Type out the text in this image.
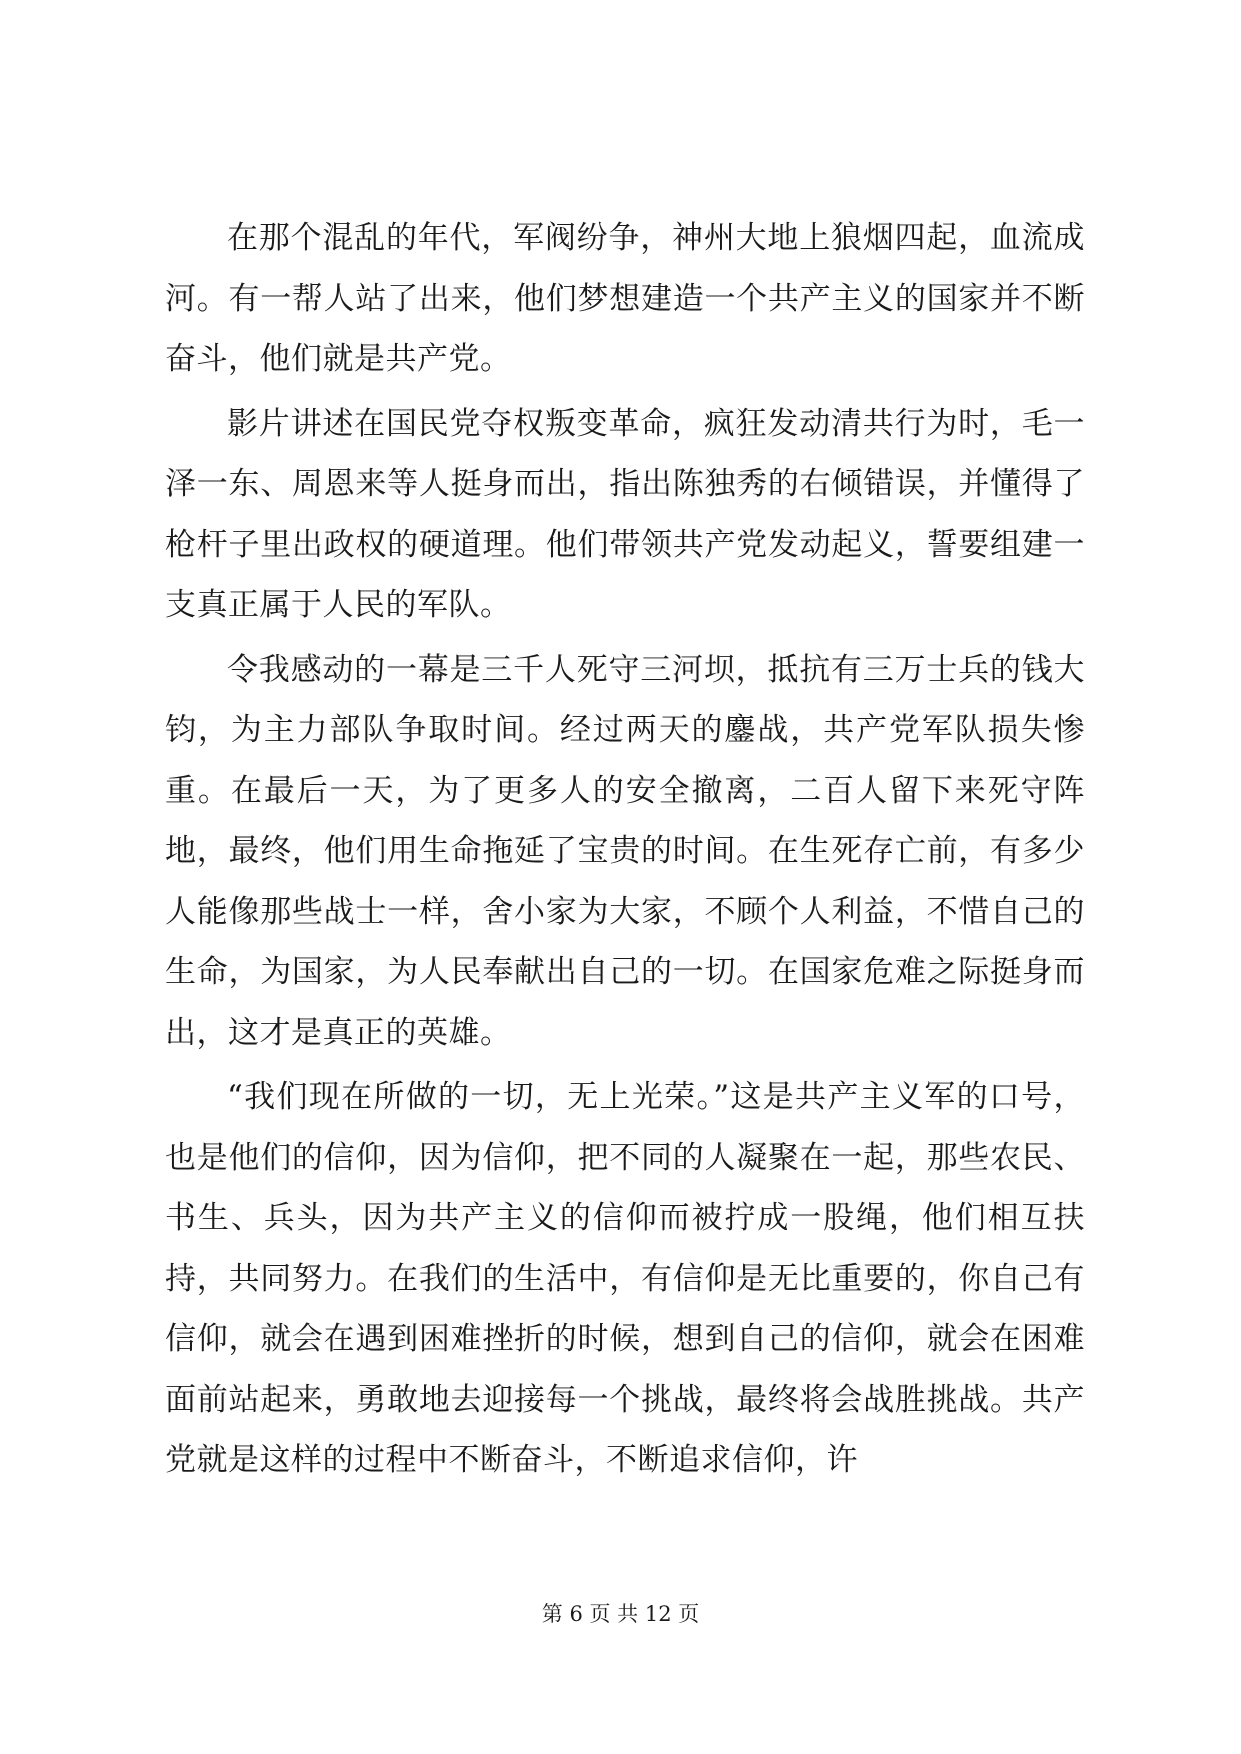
在那个混乱的年代，军阀纷争，神州大地上狼烟四起，血流成河。有一帮人站了出来，他们梦想建造一个共产主义的国家并不断奋斗，他们就是共产党。

影片讲述在国民党夺权叛变革命，疯狂发动清共行为时，毛一泽一东、周恩来等人挺身而出，指出陈独秀的右倾错误，并懂得了枪杆子里出政权的硬道理。他们带领共产党发动起义，誓要组建一支真正属于人民的军队。

令我感动的一幕是三千人死守三河坝，抵抗有三万士兵的钱大钧，为主力部队争取时间。经过两天的鏖战，共产党军队损失惨重。在最后一天，为了更多人的安全撤离，二百人留下来死守阵地，最终，他们用生命拖延了宝贵的时间。在生死存亡前，有多少人能像那些战士一样，舍小家为大家，不顾个人利益，不惜自己的生命，为国家，为人民奉献出自己的一切。在国家危难之际挺身而出，这才是真正的英雄。

“我们现在所做的一切，无上光荣。”这是共产主义军的口号，也是他们的信仰，因为信仰，把不同的人凝聚在一起，那些农民、书生、兵头，因为共产主义的信仰而被拧成一股绳，他们相互扶持，共同努力。在我们的生活中，有信仰是无比重要的，你自己有信仰，就会在遇到困难挫折的时候，想到自己的信仰，就会在困难面前站起来，勇敢地去迎接每一个挑战，最终将会战胜挑战。共产党就是这样的过程中不断奋斗，不断追求信仰，许

第 6 页 共 12 页
